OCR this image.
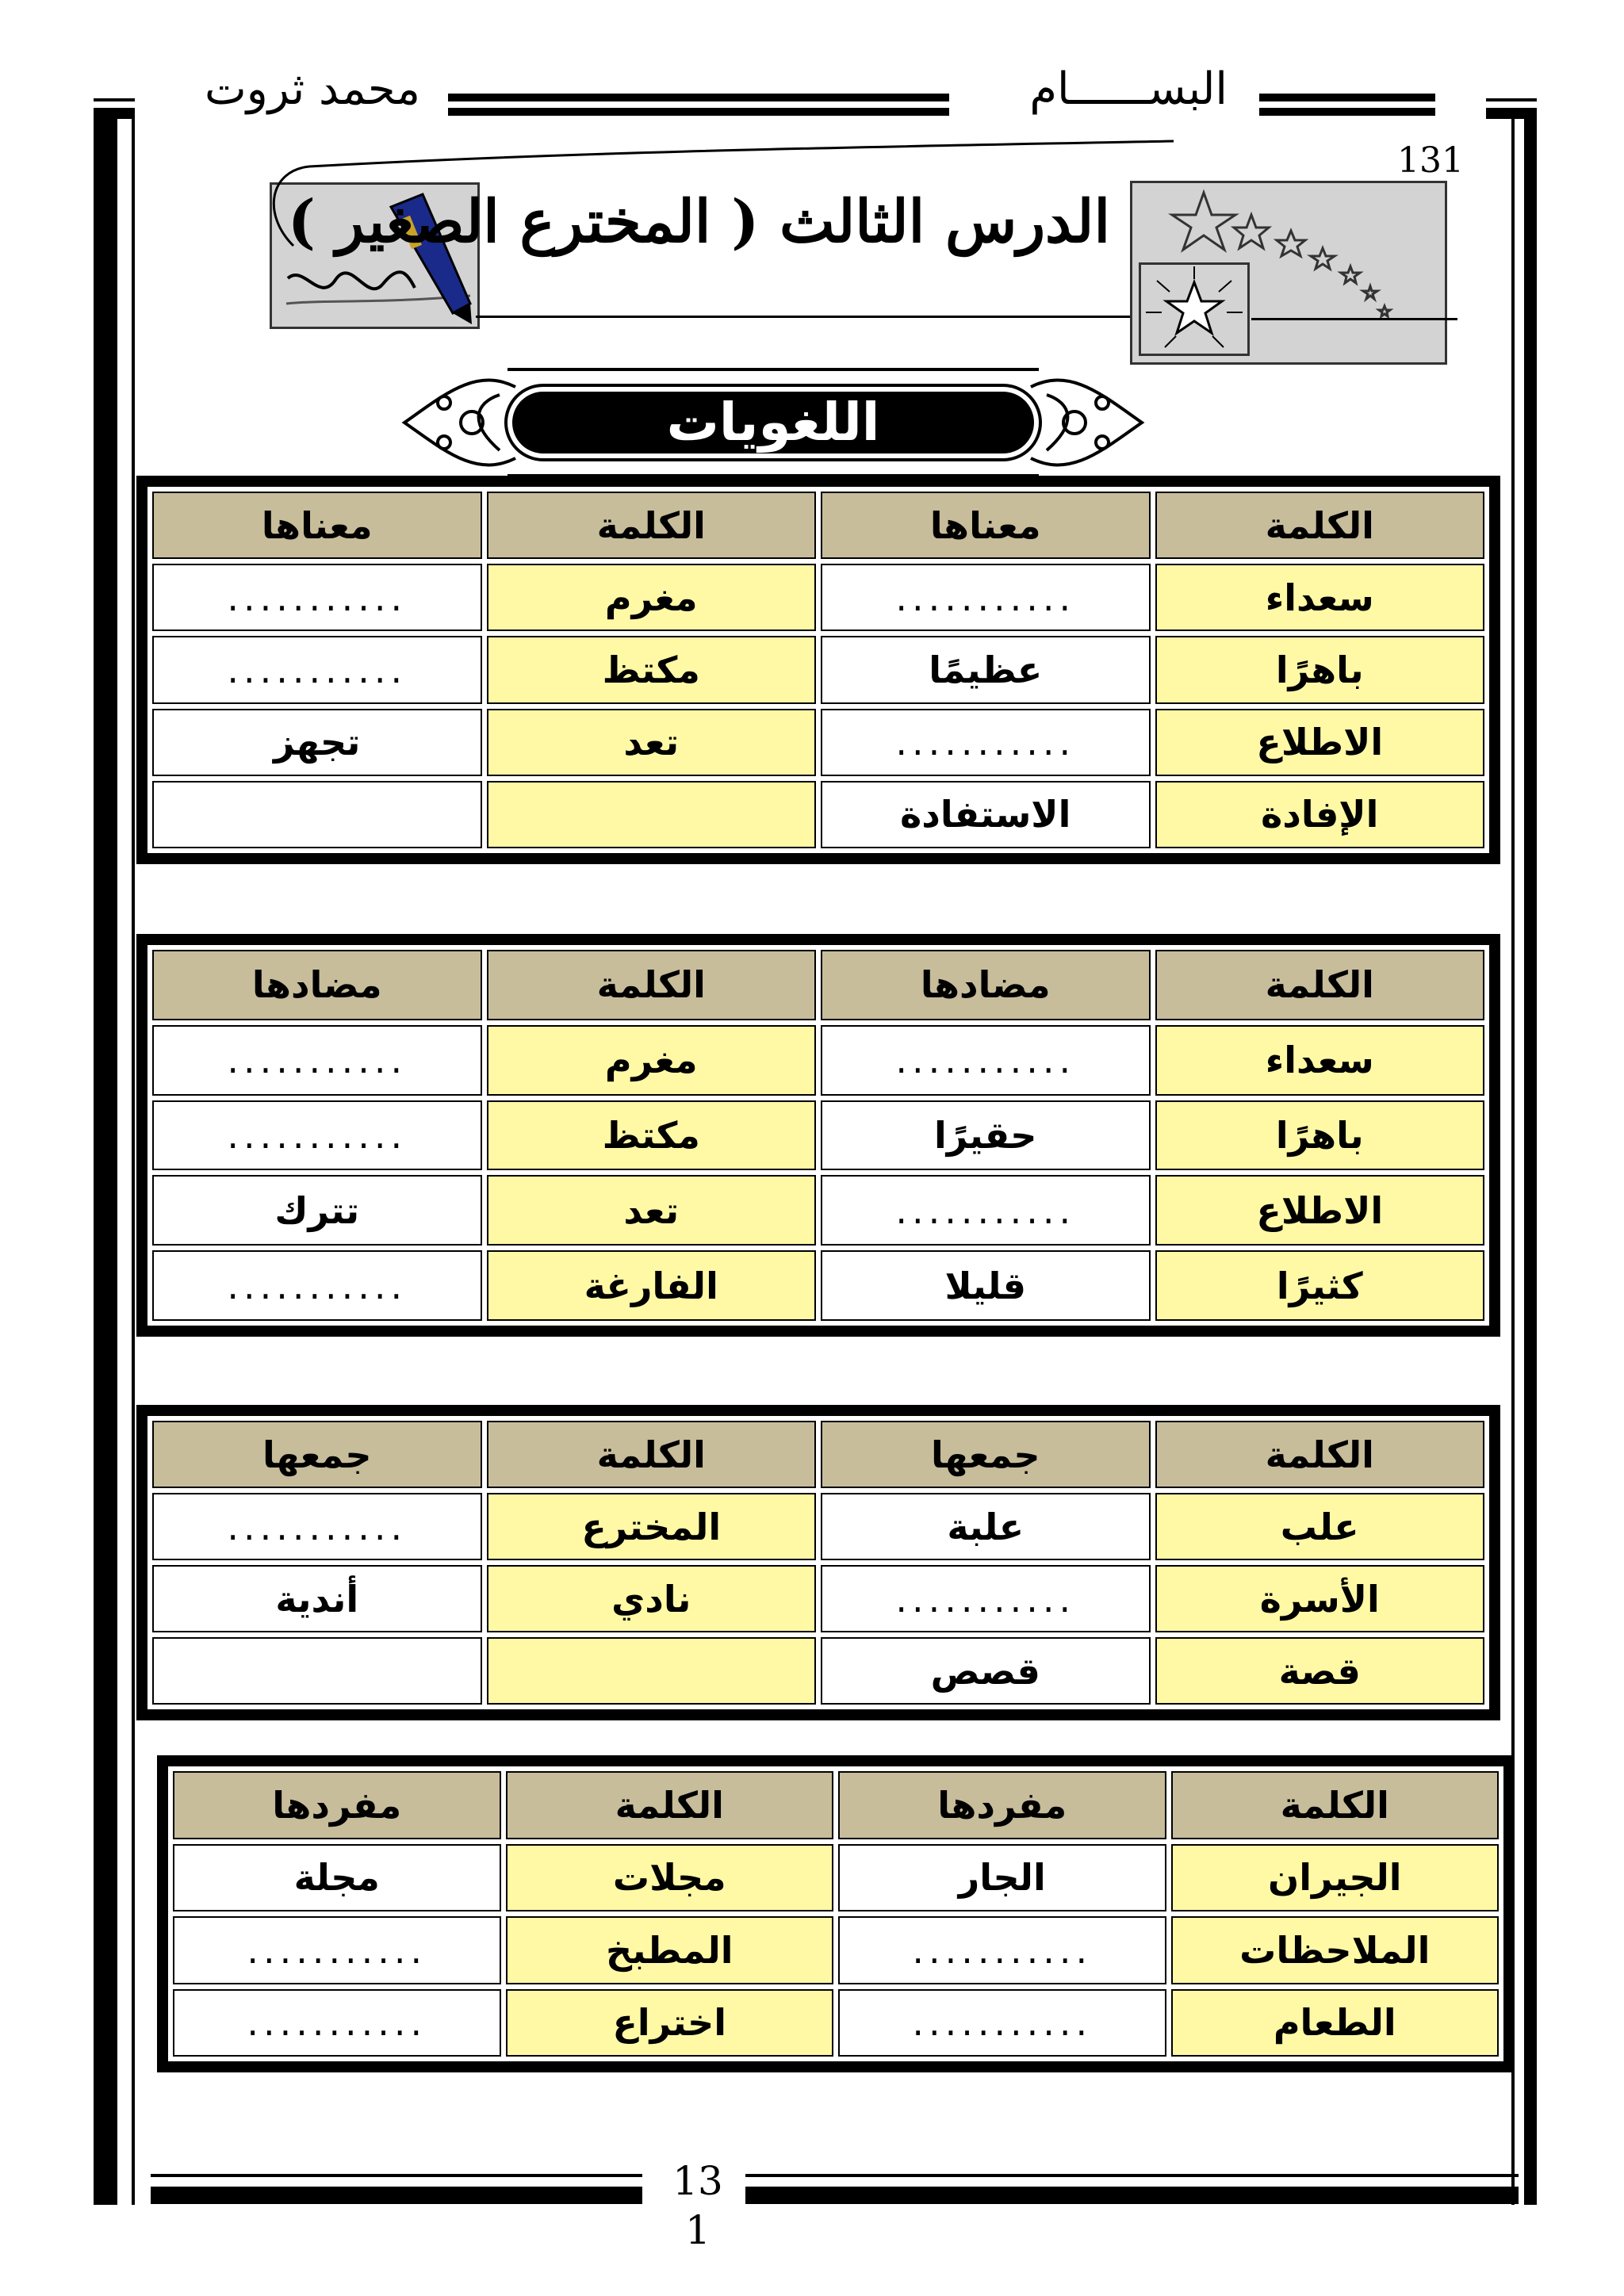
البســــــام
محمد ثروت
131
الدرس الثالث ( المخترع الصغير )
اللغويات
الكلمة	معناها	الكلمة	معناها
سعداء	...........	مغرم	...........
باهرًا	عظيمًا	مكتظ	...........
الاطلاع	...........	تعد	تجهز
الإفادة	الاستفادة		
الكلمة	مضادها	الكلمة	مضادها
سعداء	...........	مغرم	...........
باهرًا	حقيرًا	مكتظ	...........
الاطلاع	...........	تعد	تترك
كثيرًا	قليلا	الفارغة	...........
الكلمة	جمعها	الكلمة	جمعها
علب	علبة	المخترع	...........
الأسرة	...........	نادي	أندية
قصة	قصص		
الكلمة	مفردها	الكلمة	مفردها
الجيران	الجار	مجلات	مجلة
الملاحظات	...........	المطبخ	...........
الطعام	...........	اختراع	...........
13
1
